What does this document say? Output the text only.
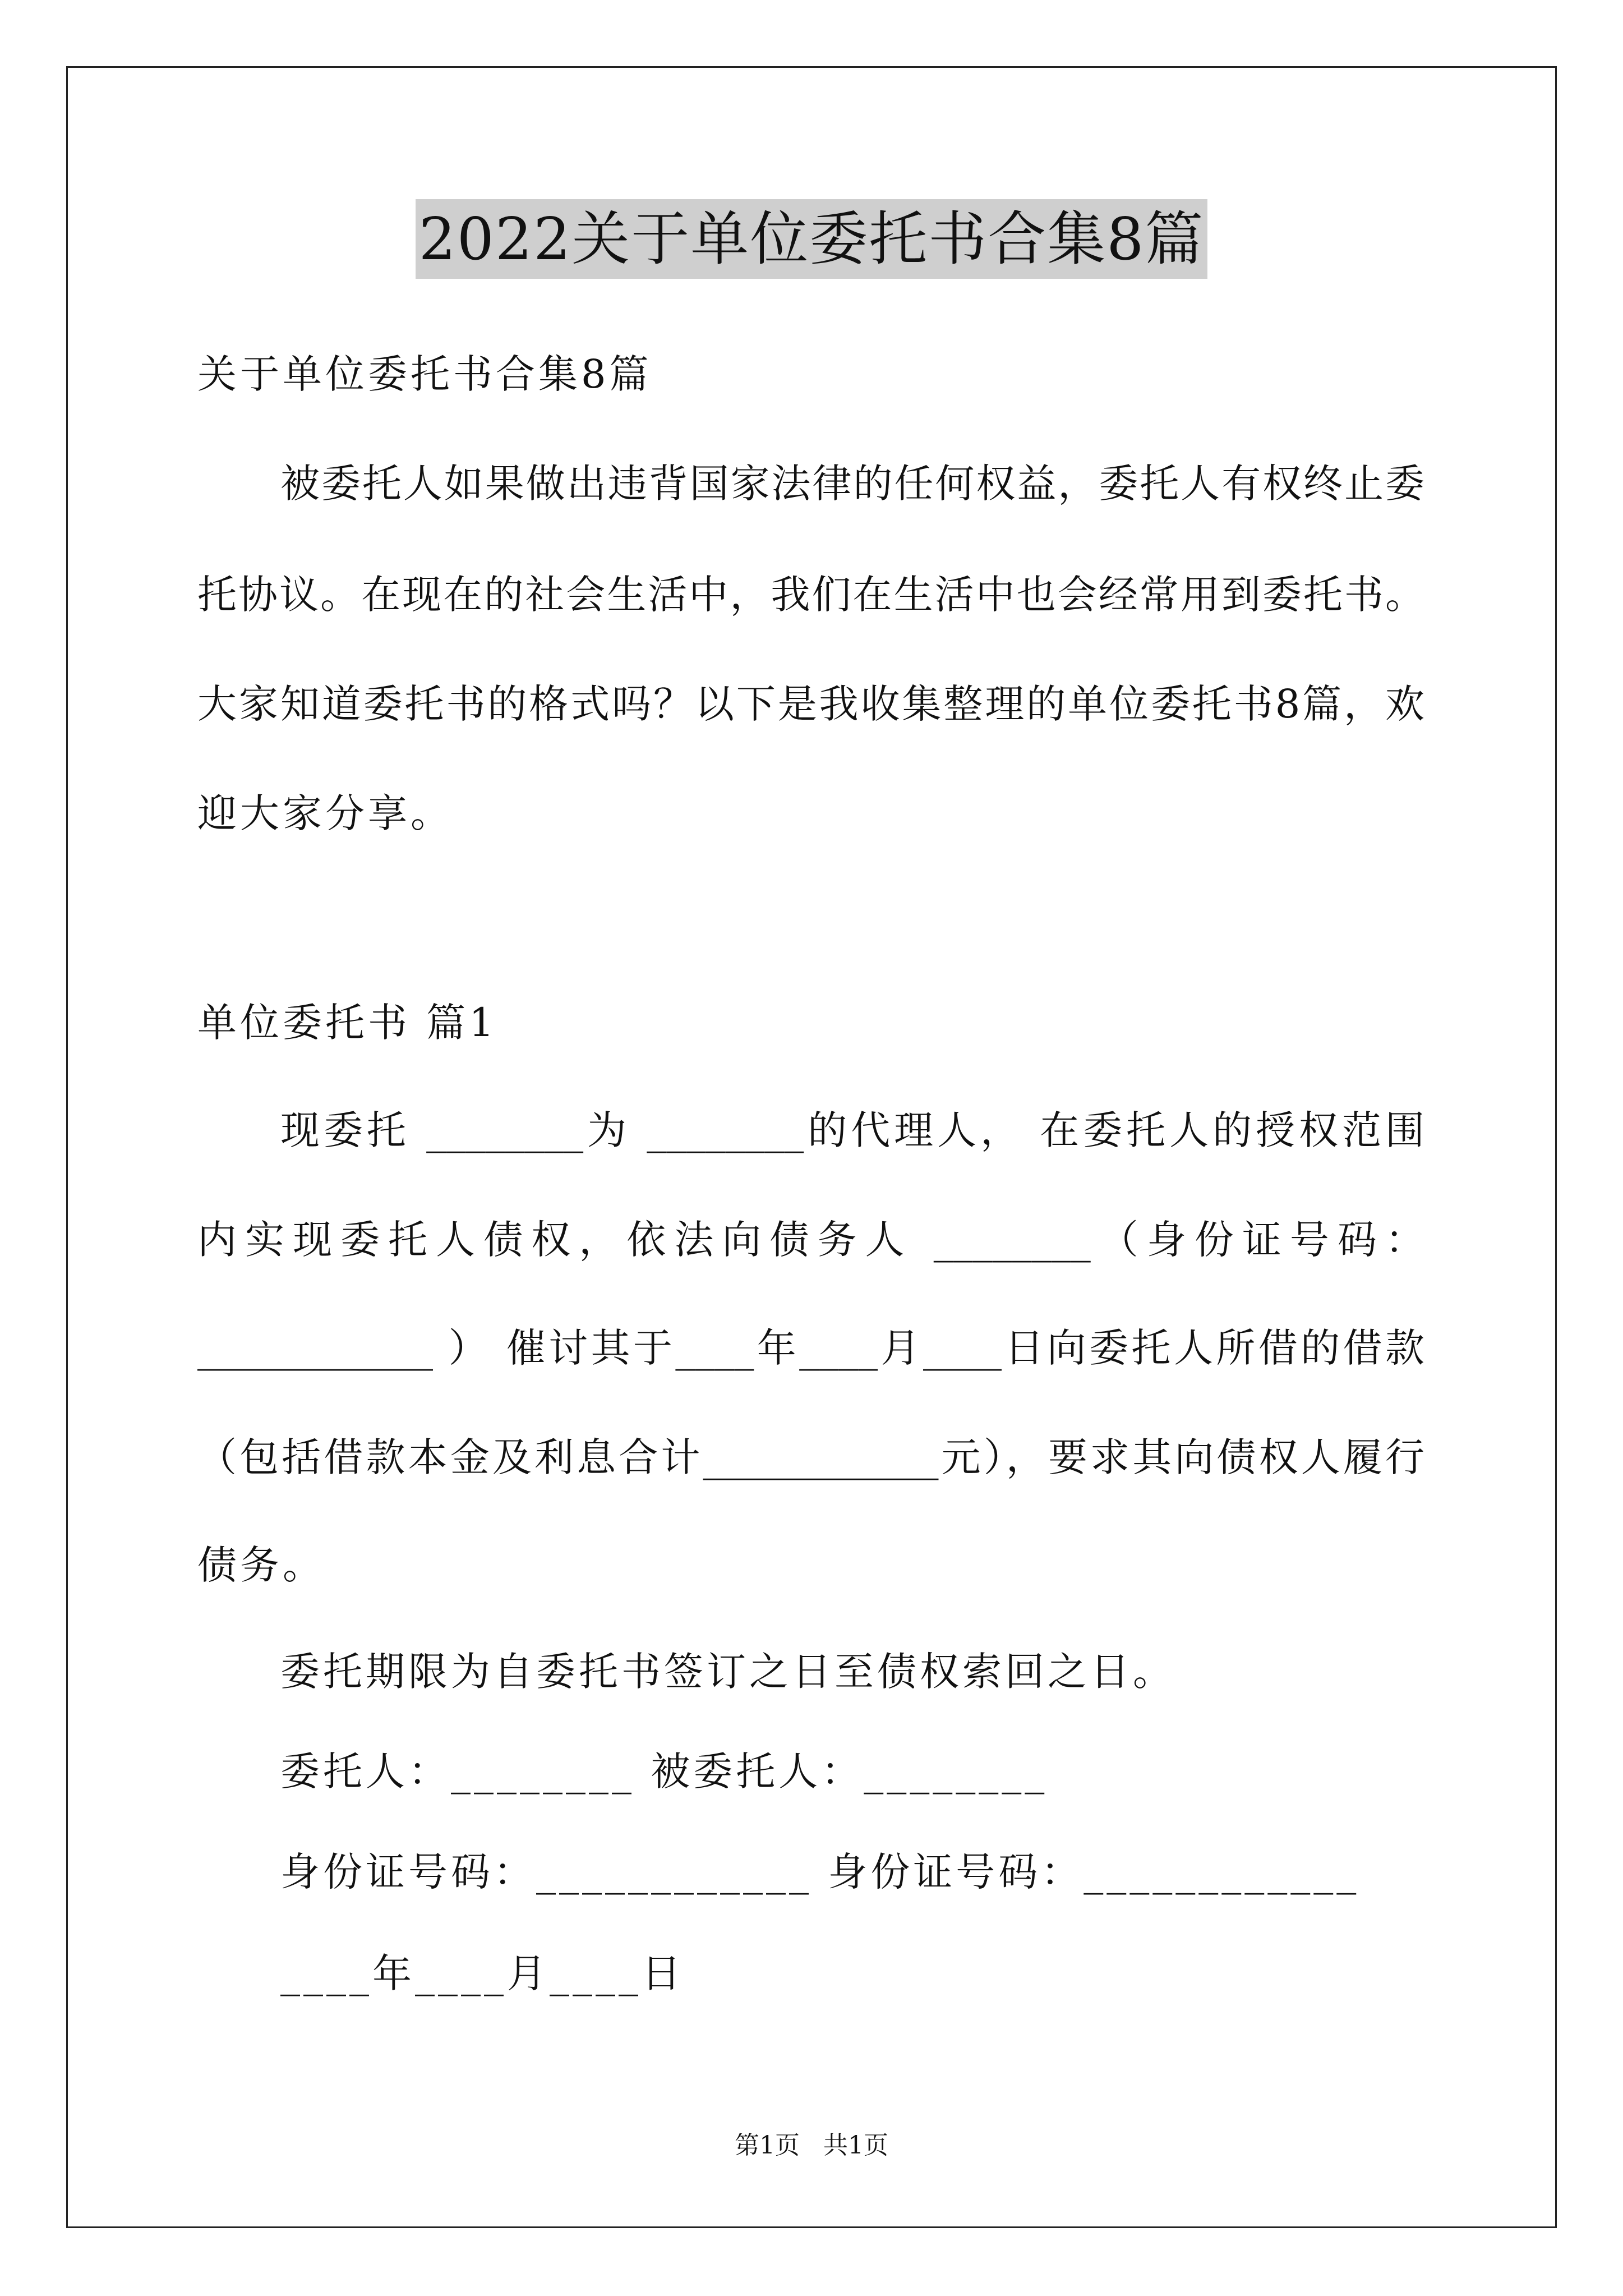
2022关于单位委托书合集8篇
关于单位委托书合集8篇
被委托人如果做出违背国家法律的任何权益，委托人有权终止委
托协议。在现在的社会生活中，我们在生活中也会经常用到委托书。
大家知道委托书的格式吗？以下是我收集整理的单位委托书8篇，欢
迎大家分享。
单位委托书 篇1
现委托 ________为 ________的代理人， 在委托人的授权范围
内实现委托人债权，依法向债务人 ________（身份证号码：
____________ ） 催讨其于____年____月____日向委托人所借的借款
（包括借款本金及利息合计____________元），要求其向债权人履行
债务。
委托期限为自委托书签订之日至债权索回之日。
委托人：________ 被委托人：________
身份证号码：____________ 身份证号码：____________
____年____月____日
第1页   共1页
